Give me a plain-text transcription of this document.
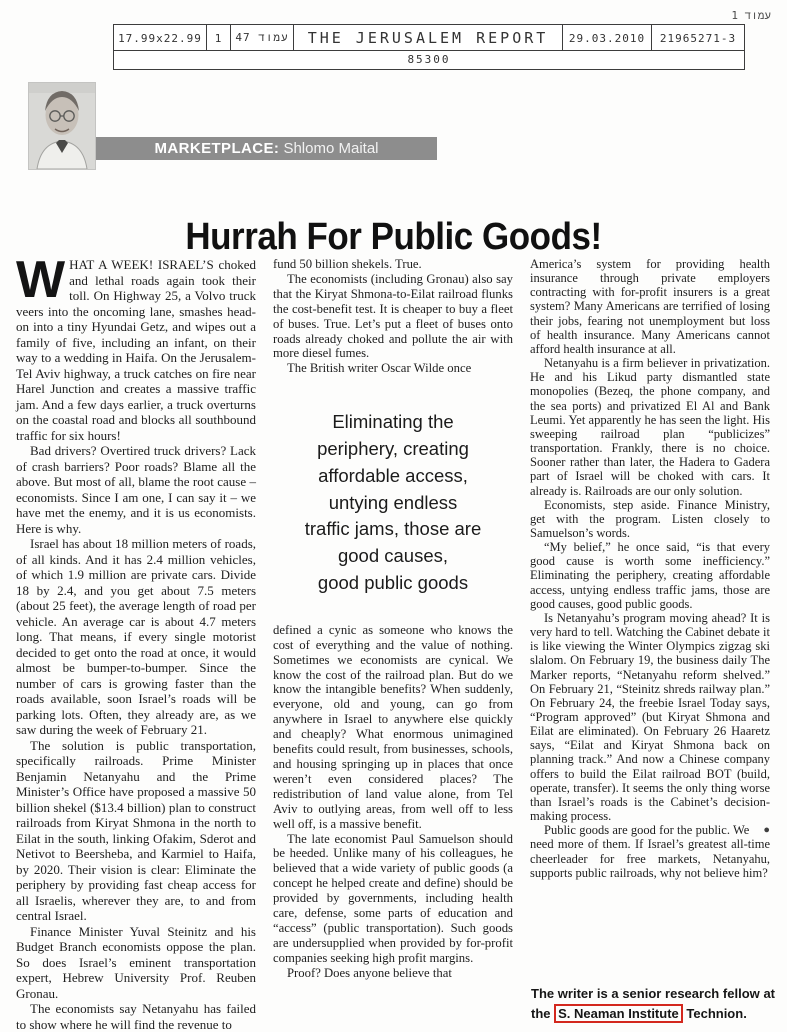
עמוד 1
17.99x22.99	1	עמוד 47	THE JERUSALEM REPORT	29.03.2010	21965271-3
85300
MARKETPLACE:
Shlomo Maital
Hurrah For Public Goods!

WHAT A WEEK! ISRAEL’S choked and lethal roads again took their toll. On Highway 25, a Volvo truck veers into the oncoming lane, smashes head-on into a tiny Hyundai Getz, and wipes out a family of five, including an infant, on their way to a wedding in Haifa. On the Jerusalem-Tel Aviv highway, a truck catches on fire near Harel Junction and creates a massive traffic jam. And a few days earlier, a truck overturns on the coastal road and blocks all southbound traffic for six hours!

Bad drivers? Overtired truck drivers? Lack of crash barriers? Poor roads? Blame all the above. But most of all, blame the root cause – economists. Since I am one, I can say it – we have met the enemy, and it is us economists. Here is why.

Israel has about 18 million meters of roads, of all kinds. And it has 2.4 million vehicles, of which 1.9 million are private cars. Divide 18 by 2.4, and you get about 7.5 meters (about 25 feet), the average length of road per vehicle. An average car is about 4.7 meters long. That means, if every single motorist decided to get onto the road at once, it would almost be bumper-to-bumper. Since the number of cars is growing faster than the roads available, soon Israel’s roads will be parking lots. Often, they already are, as we saw during the week of February 21.

The solution is public transportation, specifically railroads. Prime Minister Benjamin Netanyahu and the Prime Minister’s Office have proposed a massive 50 billion shekel ($13.4 billion) plan to construct railroads from Kiryat Shmona in the north to Eilat in the south, linking Ofakim, Sderot and Netivot to Beersheba, and Karmiel to Haifa, by 2020. Their vision is clear: Eliminate the periphery by providing fast cheap access for all Israelis, wherever they are, to and from central Israel.

Finance Minister Yuval Steinitz and his Budget Branch economists oppose the plan. So does Israel’s eminent transportation expert, Hebrew University Prof. Reuben Gronau.

The economists say Netanyahu has failed to show where he will find the revenue to

fund 50 billion shekels. True.

The economists (including Gronau) also say that the Kiryat Shmona-to-Eilat railroad flunks the cost-benefit test. It is cheaper to buy a fleet of buses. True. Let’s put a fleet of buses onto roads already choked and pollute the air with more diesel fumes.

The British writer Oscar Wilde once

Eliminating the
periphery, creating
affordable access,
untying endless
traffic jams, those are
good causes,
good public goods

defined a cynic as someone who knows the cost of everything and the value of nothing. Sometimes we economists are cynical. We know the cost of the railroad plan. But do we know the intangible benefits? When suddenly, everyone, old and young, can go from anywhere in Israel to anywhere else quickly and cheaply? What enormous unimagined benefits could result, from businesses, schools, and housing springing up in places that once weren’t even considered places? The redistribution of land value alone, from Tel Aviv to outlying areas, from well off to less well off, is a massive benefit.

The late economist Paul Samuelson should be heeded. Unlike many of his colleagues, he believed that a wide variety of public goods (a concept he helped create and define) should be provided by governments, including health care, defense, some parts of education and “access” (public transportation). Such goods are undersupplied when provided by for-profit companies seeking high profit margins.

Proof? Does anyone believe that

America’s system for providing health insurance through private employers contracting with for-profit insurers is a great system? Many Americans are terrified of losing their jobs, fearing not unemployment but loss of health insurance. Many Americans cannot afford health insurance at all.

Netanyahu is a firm believer in privatization. He and his Likud party dismantled state monopolies (Bezeq, the phone company, and the sea ports) and privatized El Al and Bank Leumi. Yet apparently he has seen the light. His sweeping railroad plan “publicizes” transportation. Frankly, there is no choice. Sooner rather than later, the Hadera to Gadera part of Israel will be choked with cars. It already is. Railroads are our only solution.

Economists, step aside. Finance Ministry, get with the program. Listen closely to Samuelson’s words.

“My belief,” he once said, “is that every good cause is worth some inefficiency.” Eliminating the periphery, creating affordable access, untying endless traffic jams, those are good causes, good public goods.

Is Netanyahu’s program moving ahead? It is very hard to tell. Watching the Cabinet debate it is like viewing the Winter Olympics zigzag ski slalom. On February 19, the business daily The Marker reports, “Netanyahu reform shelved.” On February 21, “Steinitz shreds railway plan.” On February 24, the freebie Israel Today says, “Program approved” (but Kiryat Shmona and Eilat are eliminated). On February 26 Haaretz says, “Eilat and Kiryat Shmona back on planning track.” And now a Chinese company offers to build the Eilat railroad BOT (build, operate, transfer). It seems the only thing worse than Israel’s roads is the Cabinet’s decision-making process.

●
Public goods are good for the public. We need more of them. If Israel’s greatest all-time cheerleader for free markets, Netanyahu, supports public railroads, why not believe him?

The writer is a senior research fellow at the S. Neaman Institute Technion.
